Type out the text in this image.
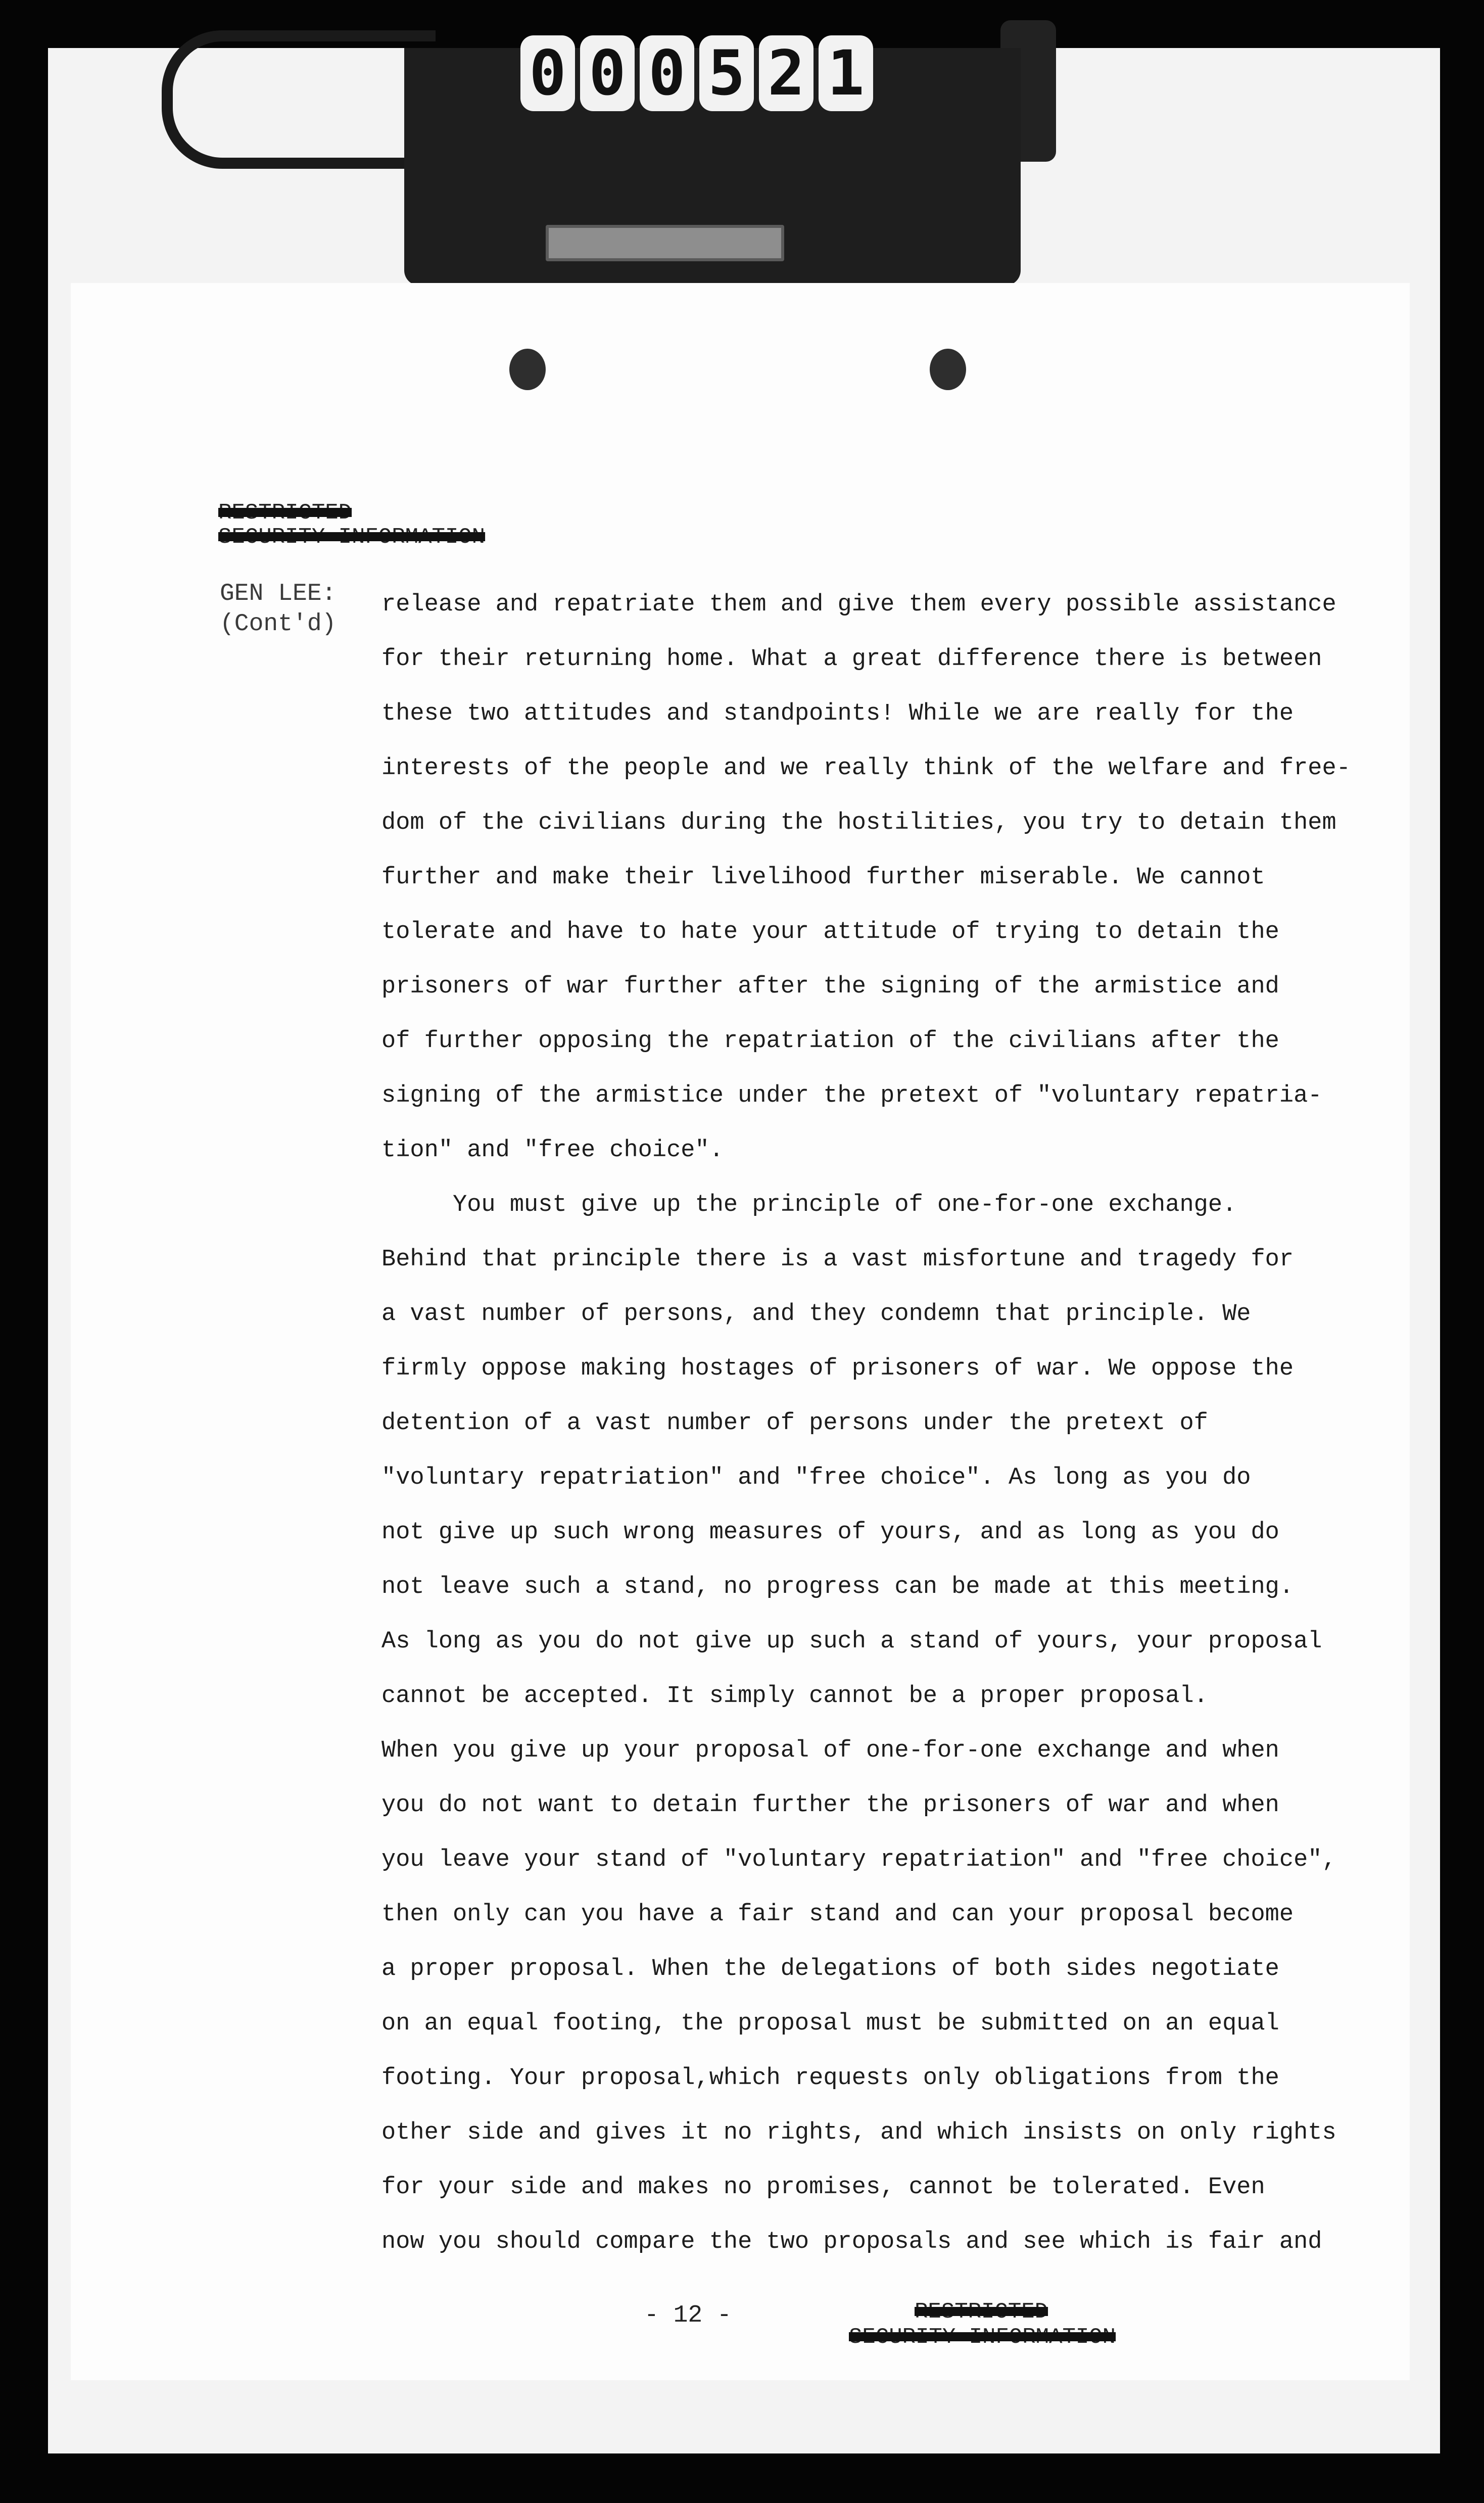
0 0 0 5 2 1
RESTRICTED
SECURITY INFORMATION
GEN LEE:
(Cont'd)
release and repatriate them and give them every possible assistance
for their returning home. What a great difference there is between
these two attitudes and standpoints! While we are really for the
interests of the people and we really think of the welfare and free-
dom of the civilians during the hostilities, you try to detain them
further and make their livelihood further miserable. We cannot
tolerate and have to hate your attitude of trying to detain the
prisoners of war further after the signing of the armistice and
of further opposing the repatriation of the civilians after the
signing of the armistice under the pretext of "voluntary repatria-
tion" and "free choice".
You must give up the principle of one-for-one exchange.
Behind that principle there is a vast misfortune and tragedy for
a vast number of persons, and they condemn that principle. We
firmly oppose making hostages of prisoners of war. We oppose the
detention of a vast number of persons under the pretext of
"voluntary repatriation" and "free choice". As long as you do
not give up such wrong measures of yours, and as long as you do
not leave such a stand, no progress can be made at this meeting.
As long as you do not give up such a stand of yours, your proposal
cannot be accepted. It simply cannot be a proper proposal.
When you give up your proposal of one-for-one exchange and when
you do not want to detain further the prisoners of war and when
you leave your stand of "voluntary repatriation" and "free choice",
then only can you have a fair stand and can your proposal become
a proper proposal. When the delegations of both sides negotiate
on an equal footing, the proposal must be submitted on an equal
footing. Your proposal,which requests only obligations from the
other side and gives it no rights, and which insists on only rights
for your side and makes no promises, cannot be tolerated. Even
now you should compare the two proposals and see which is fair and
- 12 -	RESTRICTED
SECURITY INFORMATION
